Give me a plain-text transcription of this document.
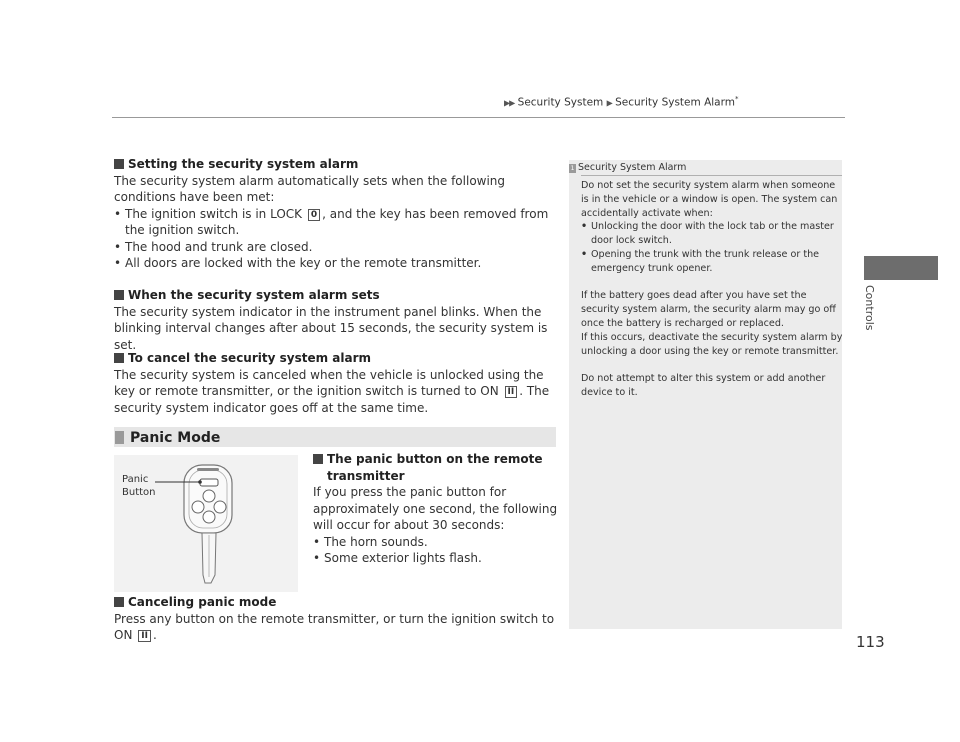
▶▶ Security System ▶ Security System Alarm*
Controls
Setting the security system alarm
The security system alarm automatically sets when the following conditions have been met:
• The ignition switch is in LOCK 0 , and the key has been removed from the ignition switch.
• The hood and trunk are closed.
• All doors are locked with the key or the remote transmitter.
When the security system alarm sets
The security system indicator in the instrument panel blinks. When the blinking interval changes after about 15 seconds, the security system is set.
To cancel the security system alarm
The security system is canceled when the vehicle is unlocked using the key or remote transmitter, or the ignition switch is turned to ON II . The security system indicator goes off at the same time.
Panic Mode
Panic
Button
The panic button on the remote
transmitter
If you press the panic button for approximately one second, the following will occur for about 30 seconds:
• The horn sounds.
• Some exterior lights flash.
Canceling panic mode
Press any button on the remote transmitter, or turn the ignition switch to ON II .
1 Security System Alarm

Do not set the security system alarm when someone is in the vehicle or a window is open. The system can accidentally activate when:

• Unlocking the door with the lock tab or the master door lock switch.
• Opening the trunk with the trunk release or the emergency trunk opener.

If the battery goes dead after you have set the security system alarm, the security alarm may go off once the battery is recharged or replaced.

If this occurs, deactivate the security system alarm by unlocking a door using the key or remote transmitter.

Do not attempt to alter this system or add another device to it.

113
